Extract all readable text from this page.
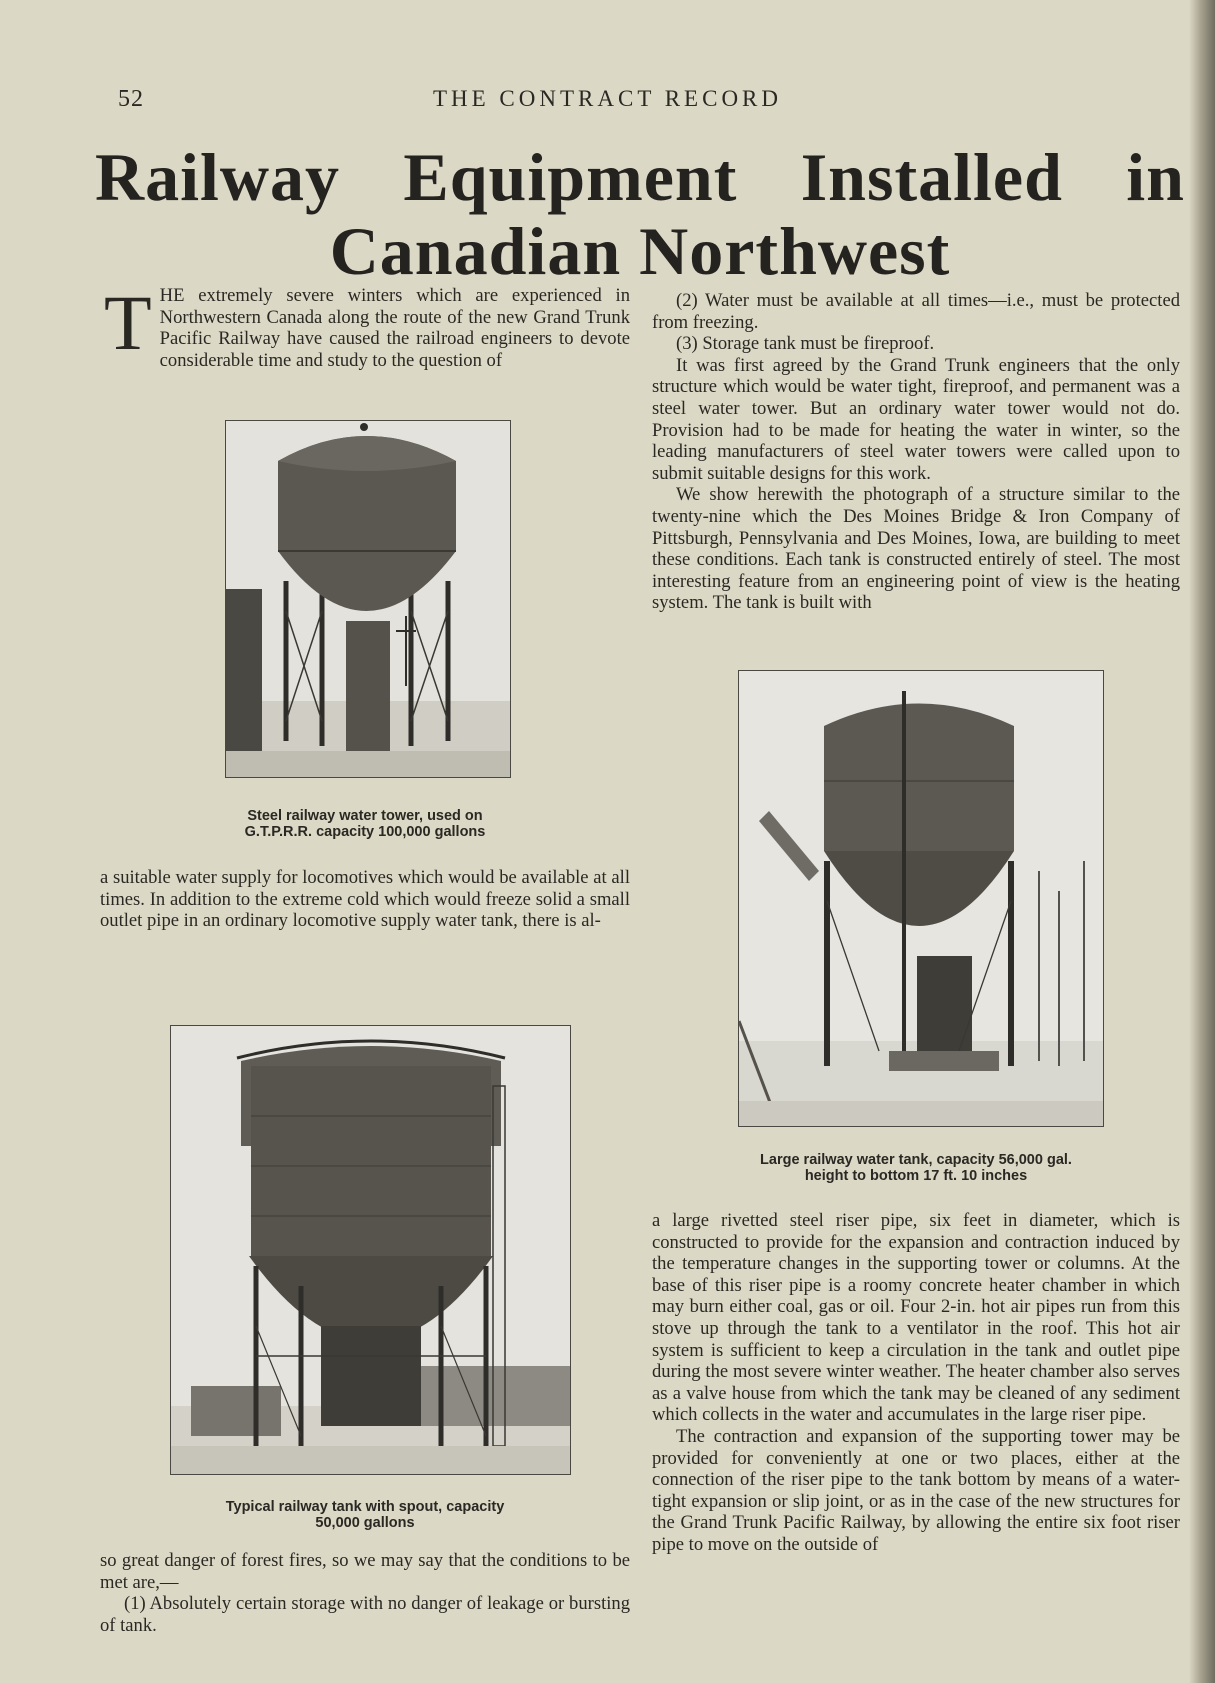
52	THE CONTRACT RECORD
Railway Equipment Installed in
Canadian Northwest

T HE extremely severe winters which are experienced in Northwestern Canada along the route of the new Grand Trunk Pacific Railway have caused the railroad engineers to devote considerable time and study to the question of

Steel railway water tower, used on
G.T.P.R.R. capacity 100,000 gallons

a suitable water supply for locomotives which would be available at all times. In addition to the extreme cold which would freeze solid a small outlet pipe in an ordinary locomotive supply water tank, there is al-

Typical railway tank with spout, capacity
50,000 gallons

so great danger of forest fires, so we may say that the conditions to be met are,—

(1) Absolutely certain storage with no danger of leakage or bursting of tank.

(2) Water must be available at all times—i.e., must be protected from freezing.

(3) Storage tank must be fireproof.

It was first agreed by the Grand Trunk engineers that the only structure which would be water tight, fireproof, and permanent was a steel water tower. But an ordinary water tower would not do. Provision had to be made for heating the water in winter, so the leading manufacturers of steel water towers were called upon to submit suitable designs for this work.

We show herewith the photograph of a structure similar to the twenty-nine which the Des Moines Bridge & Iron Company of Pittsburgh, Pennsylvania and Des Moines, Iowa, are building to meet these conditions. Each tank is constructed entirely of steel. The most interesting feature from an engineering point of view is the heating system. The tank is built with

Large railway water tank, capacity 56,000 gal.
height to bottom 17 ft. 10 inches

a large rivetted steel riser pipe, six feet in diameter, which is constructed to provide for the expansion and contraction induced by the temperature changes in the supporting tower or columns. At the base of this riser pipe is a roomy concrete heater chamber in which may burn either coal, gas or oil. Four 2-in. hot air pipes run from this stove up through the tank to a ventilator in the roof. This hot air system is sufficient to keep a circulation in the tank and outlet pipe during the most severe winter weather. The heater chamber also serves as a valve house from which the tank may be cleaned of any sediment which collects in the water and accumulates in the large riser pipe.

The contraction and expansion of the supporting tower may be provided for conveniently at one or two places, either at the connection of the riser pipe to the tank bottom by means of a water-tight expansion or slip joint, or as in the case of the new structures for the Grand Trunk Pacific Railway, by allowing the entire six foot riser pipe to move on the outside of
